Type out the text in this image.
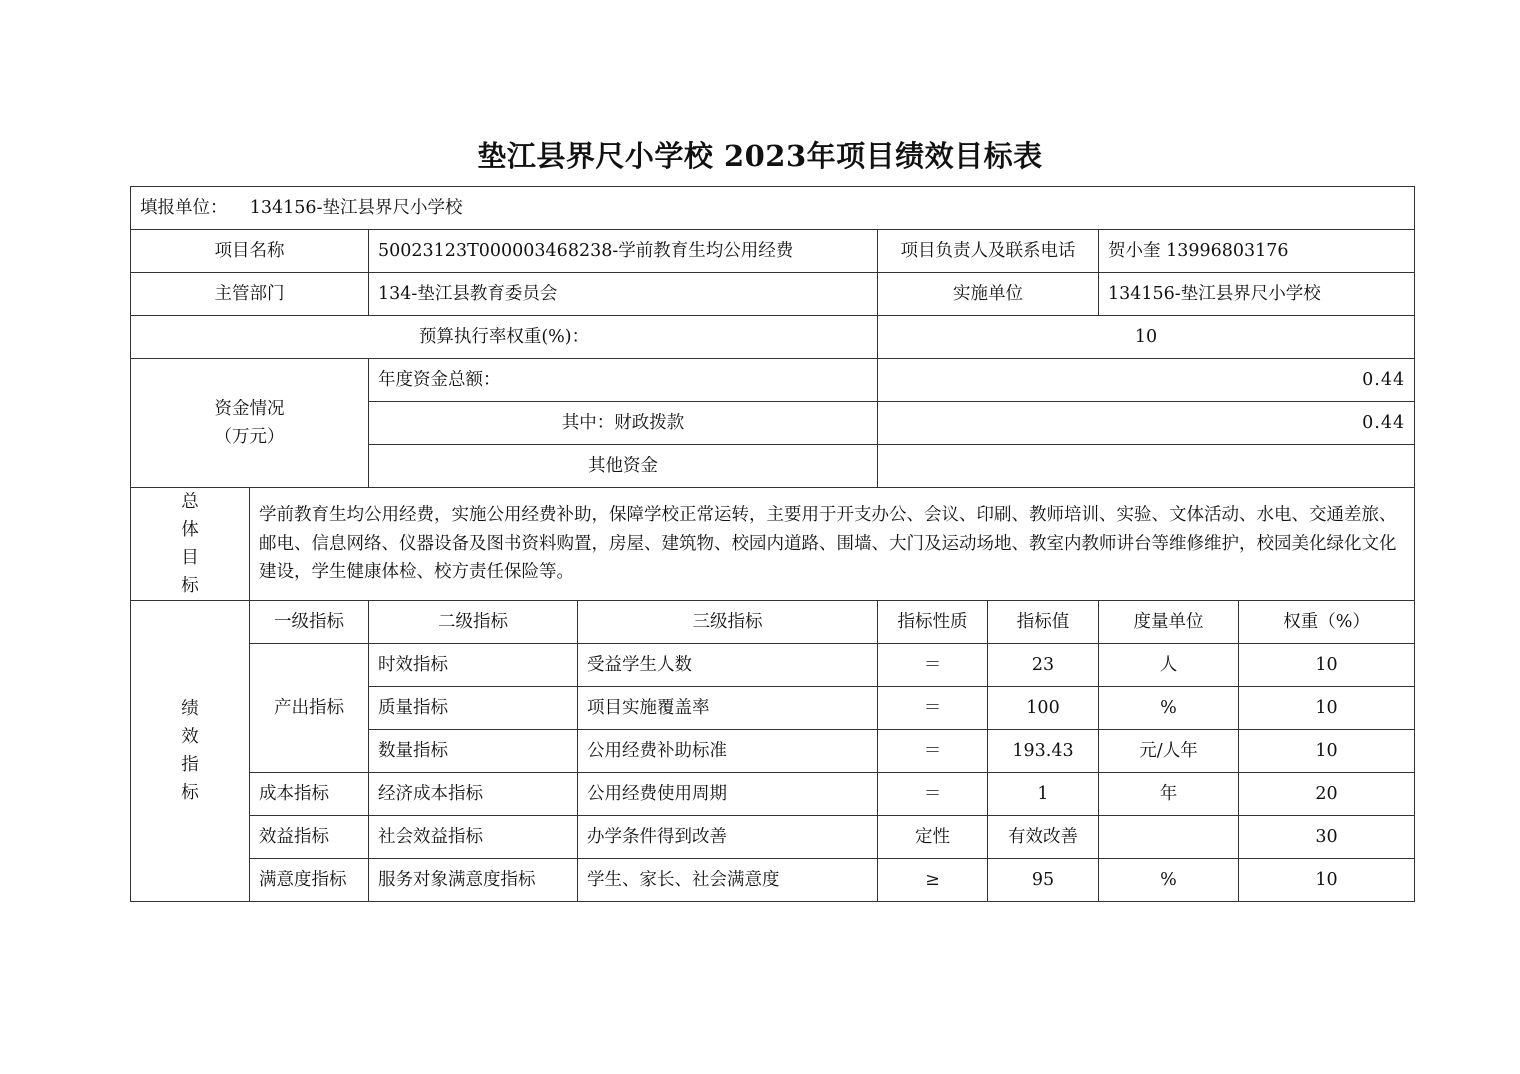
垫江县界尺小学校 2023年项目绩效目标表
填报单位： 134156-垫江县界尺小学校							
项目名称		50023123T000003468238-学前教育生均公用经费		项目负责人及联系电话		贺小奎 13996803176	
主管部门		134-垫江县教育委员会		实施单位		134156-垫江县界尺小学校	
预算执行率权重(%)：				10			

资金情况
（万元）		年度资金总额：		0.44			
		其中：财政拨款		0.44			
		其他资金					

总
体
目
标	学前教育生均公用经费，实施公用经费补助，保障学校正常运转，主要用于开支办公、会议、印刷、教师培训、实验、文体活动、水电、交通差旅、邮电、信息网络、仪器设备及图书资料购置，房屋、建筑物、校园内道路、围墙、大门及运动场地、教室内教师讲台等维修维护，校园美化绿化文化建设，学生健康体检、校方责任保险等。						

绩
效
指
标	一级指标	二级指标	三级指标	指标性质	指标值	度量单位	权重（%）
	产出指标	时效指标	受益学生人数	＝	23	人	10
		质量指标	项目实施覆盖率	＝	100	%	10
		数量指标	公用经费补助标准	＝	193.43	元/人年	10
	成本指标	经济成本指标	公用经费使用周期	＝	1	年	20
	效益指标	社会效益指标	办学条件得到改善	定性	有效改善		30
	满意度指标	服务对象满意度指标	学生、家长、社会满意度	≥	95	%	10
